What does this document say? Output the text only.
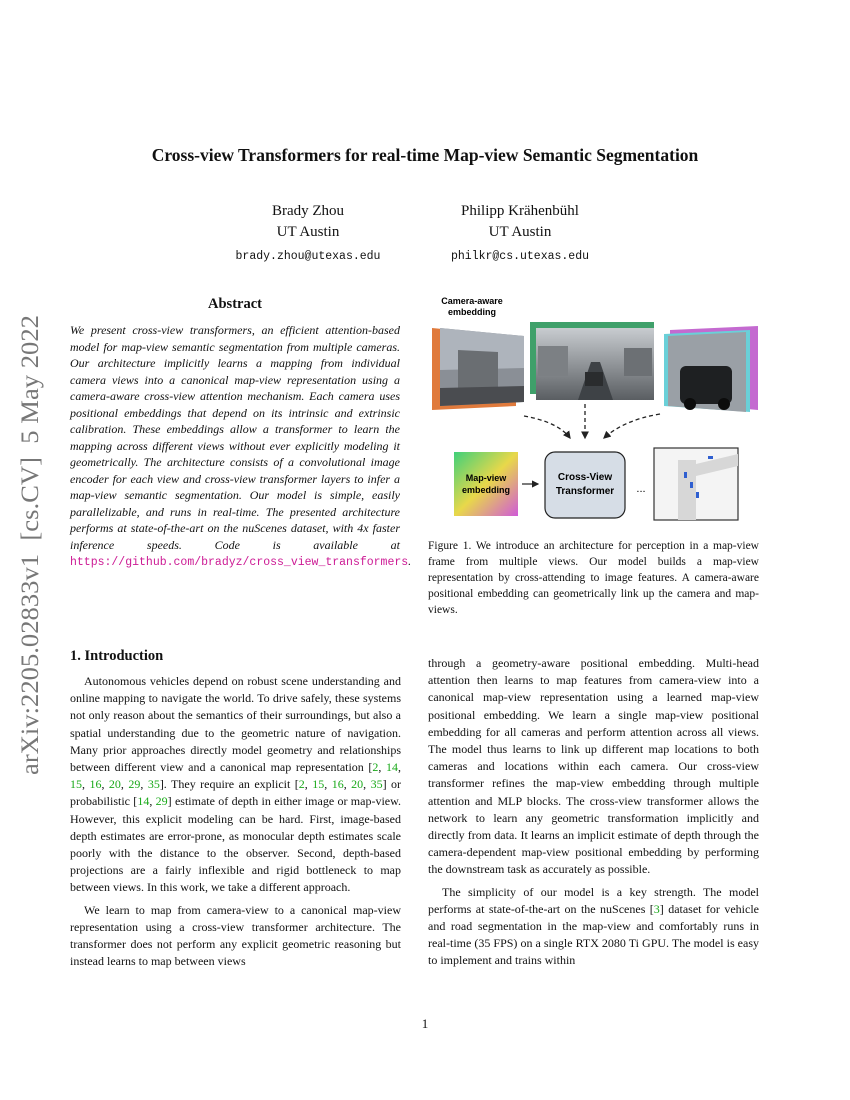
Cross-view Transformers for real-time Map-view Semantic Segmentation
Brady Zhou
UT Austin
brady.zhou@utexas.edu
Philipp Krähenbühl
UT Austin
philkr@cs.utexas.edu
arXiv:2205.02833v1  [cs.CV]  5 May 2022
Abstract
We present cross-view transformers, an efficient attention-based model for map-view semantic segmentation from multiple cameras. Our architecture implicitly learns a mapping from individual camera views into a canonical map-view representation using a camera-aware cross-view attention mechanism. Each camera uses positional embeddings that depend on its intrinsic and extrinsic calibration. These embeddings allow a transformer to learn the mapping across different views without ever explicitly modeling it geometrically. The architecture consists of a convolutional image encoder for each view and cross-view transformer layers to infer a map-view semantic segmentation. Our model is simple, easily parallelizable, and runs in real-time. The presented architecture performs at state-of-the-art on the nuScenes dataset, with 4x faster inference speeds. Code is available at https://github.com/bradyz/cross_view_transformers.
Camera-aware
embedding
Map-view
embedding
Cross-View
Transformer ...
Figure 1. We introduce an architecture for perception in a map-view frame from multiple views. Our model builds a map-view representation by cross-attending to image features. A camera-aware positional embedding can geometrically link up the camera and map-views.
1. Introduction

Autonomous vehicles depend on robust scene understanding and online mapping to navigate the world. To drive safely, these systems not only reason about the semantics of their surroundings, but also a spatial understanding due to the geometric nature of navigation. Many prior approaches directly model geometry and relationships between different view and a canonical map representation [2, 14, 15, 16, 20, 29, 35]. They require an explicit [2, 15, 16, 20, 35] or probabilistic [14, 29] estimate of depth in either image or map-view. However, this explicit modeling can be hard. First, image-based depth estimates are error-prone, as monocular depth estimates scale poorly with the distance to the observer. Second, depth-based projections are a fairly inflexible and rigid bottleneck to map between views. In this work, we take a different approach.

We learn to map from camera-view to a canonical map-view representation using a cross-view transformer architecture. The transformer does not perform any explicit geometric reasoning but instead learns to map between views

through a geometry-aware positional embedding. Multi-head attention then learns to map features from camera-view into a canonical map-view representation using a learned map-view positional embedding. We learn a single map-view positional embedding for all cameras and perform attention across all views. The model thus learns to link up different map locations to both cameras and locations within each camera. Our cross-view transformer refines the map-view embedding through multiple attention and MLP blocks. The cross-view transformer allows the network to learn any geometric transformation implicitly and directly from data. It learns an implicit estimate of depth through the camera-dependent map-view positional embedding by performing the downstream task as accurately as possible.

The simplicity of our model is a key strength. The model performs at state-of-the-art on the nuScenes [3] dataset for vehicle and road segmentation in the map-view and comfortably runs in real-time (35 FPS) on a single RTX 2080 Ti GPU. The model is easy to implement and trains within

1
